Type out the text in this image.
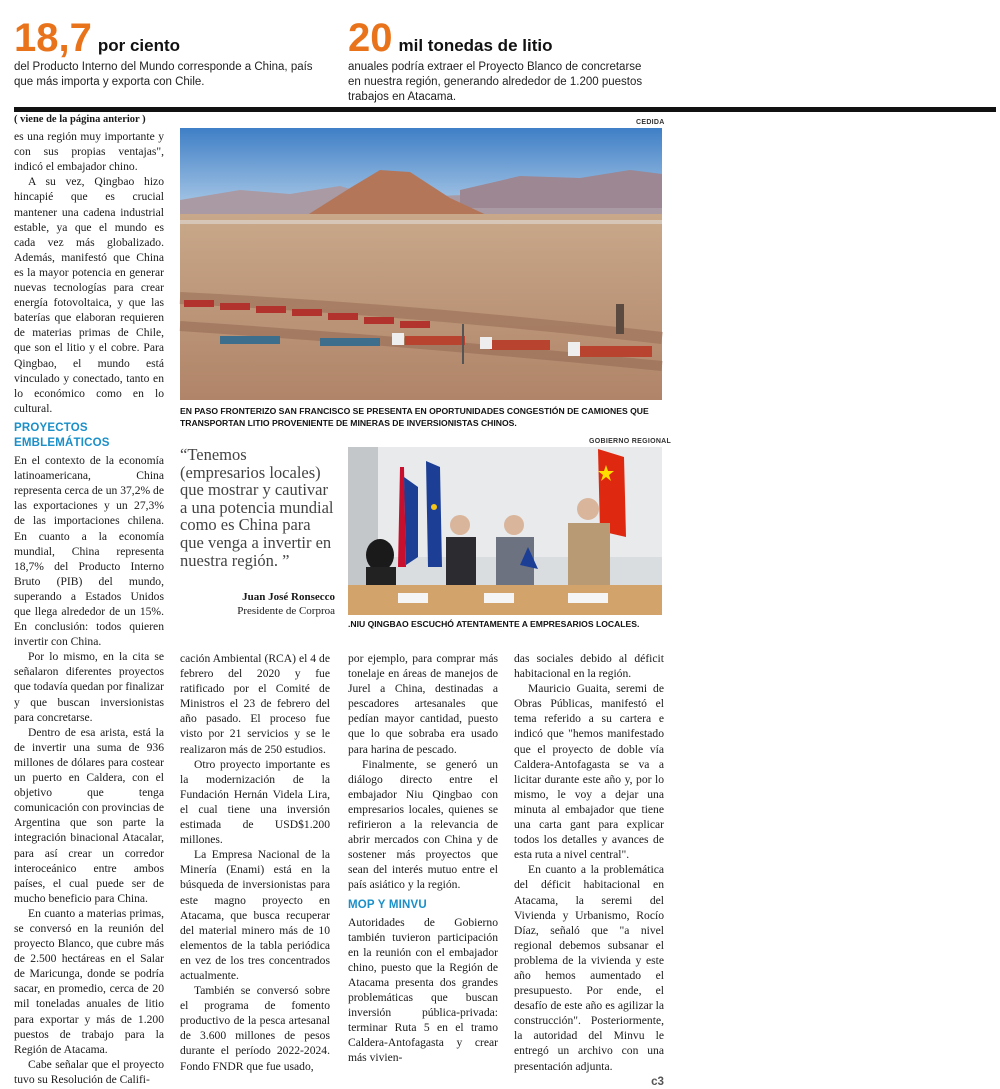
18,7 por ciento
del Producto Interno del Mundo corresponde a China, país que más importa y exporta con Chile.
20 mil tonedas de litio
anuales podría extraer el Proyecto Blanco de concretarse en nuestra región, generando alrededor de 1.200 puestos trabajos en Atacama.
( viene de la página anterior )

es una región muy importante y con sus propias ventajas", indicó el embajador chino.

A su vez, Qingbao hizo hincapié que es crucial mantener una cadena industrial estable, ya que el mundo es cada vez más globalizado. Además, manifestó que China es la mayor potencia en generar nuevas tecnologías para crear energía fotovoltaica, y que las baterías que elaboran requieren de materias primas de Chile, que son el litio y el cobre. Para Qingbao, el mundo está vinculado y conectado, tanto en lo económico como en lo cultural.

PROYECTOS EMBLEMÁTICOS

En el contexto de la economía latinoamericana, China representa cerca de un 37,2% de las exportaciones y un 27,3% de las importaciones chilena. En cuanto a la economía mundial, China representa 18,7% del Producto Interno Bruto (PIB) del mundo, superando a Estados Unidos que llega alrededor de un 15%. En conclusión: todos quieren invertir con China.

Por lo mismo, en la cita se señalaron diferentes proyectos que todavía quedan por finalizar y que buscan inversionistas para concretarse.

Dentro de esa arista, está la de invertir una suma de 936 millones de dólares para costear un puerto en Caldera, con el objetivo que tenga comunicación con provincias de Argentina que son parte la integración binacional Atacalar, para así crear un corredor interoceánico entre ambos países, el cual puede ser de mucho beneficio para China.

En cuanto a materias primas, se conversó en la reunión del proyecto Blanco, que cubre más de 2.500 hectáreas en el Salar de Maricunga, donde se podría sacar, en promedio, cerca de 20 mil toneladas anuales de litio para exportar y más de 1.200 puestos de trabajo para la Región de Atacama.

Cabe señalar que el proyecto tuvo su Resolución de Califi-

CEDIDA
EN PASO FRONTERIZO SAN FRANCISCO SE PRESENTA EN OPORTUNIDADES CONGESTIÓN DE CAMIONES QUE TRANSPORTAN LITIO PROVENIENTE DE MINERAS DE INVERSIONISTAS CHINOS.
“Tenemos (empresarios locales) que mostrar y cautivar a una potencia mundial como es China para que venga a invertir en nuestra región. ”
Juan José Ronsecco
Presidente de Corproa
GOBIERNO REGIONAL
.NIU QINGBAO ESCUCHÓ ATENTAMENTE A EMPRESARIOS LOCALES.

cación Ambiental (RCA) el 4 de febrero del 2020 y fue ratificado por el Comité de Ministros el 23 de febrero del año pasado. El proceso fue visto por 21 servicios y se le realizaron más de 250 estudios.

Otro proyecto importante es la modernización de la Fundación Hernán Videla Lira, el cual tiene una inversión estimada de USD$1.200 millones.

La Empresa Nacional de la Minería (Enami) está en la búsqueda de inversionistas para este magno proyecto en Atacama, que busca recuperar del material minero más de 10 elementos de la tabla periódica en vez de los tres concentrados actualmente.

También se conversó sobre el programa de fomento productivo de la pesca artesanal de 3.600 millones de pesos durante el período 2022-2024. Fondo FNDR que fue usado,

por ejemplo, para comprar más tonelaje en áreas de manejos de Jurel a China, destinadas a pescadores artesanales que pedían mayor cantidad, puesto que lo que sobraba era usado para harina de pescado.

Finalmente, se generó un diálogo directo entre el embajador Niu Qingbao con empresarios locales, quienes se refirieron a la relevancia de abrir mercados con China y de sostener más proyectos que sean del interés mutuo entre el país asiático y la región.

MOP Y MINVU

Autoridades de Gobierno también tuvieron participación en la reunión con el embajador chino, puesto que la Región de Atacama presenta dos grandes problemáticas que buscan inversión pública-privada: terminar Ruta 5 en el tramo Caldera-Antofagasta y crear más vivien-

das sociales debido al déficit habitacional en la región.

Mauricio Guaita, seremi de Obras Públicas, manifestó el tema referido a su cartera e indicó que "hemos manifestado que el proyecto de doble vía Caldera-Antofagasta se va a licitar durante este año y, por lo mismo, le voy a dejar una minuta al embajador que tiene una carta gant para explicar todos los detalles y avances de esta ruta a nivel central".

En cuanto a la problemática del déficit habitacional en Atacama, la seremi del Vivienda y Urbanismo, Rocío Díaz, señaló que "a nivel regional debemos subsanar el problema de la vivienda y este año hemos aumentado el presupuesto. Por ende, el desafío de este año es agilizar la construcción". Posteriormente, la autoridad del Minvu le entregó un archivo con una presentación adjunta.

c3
